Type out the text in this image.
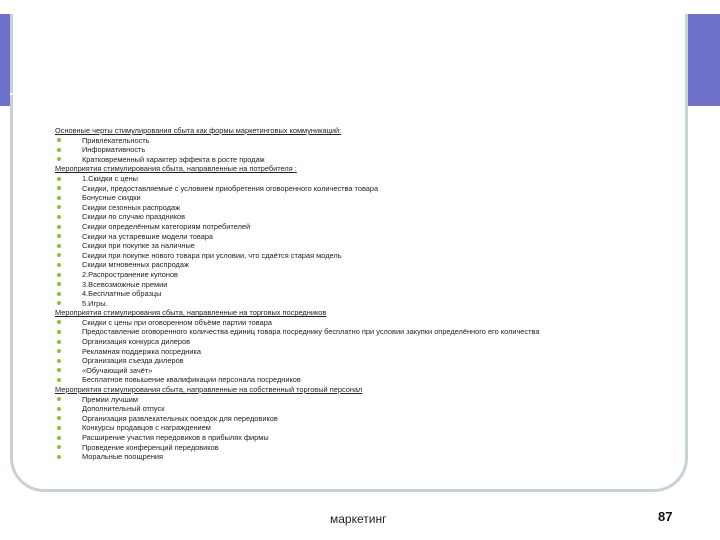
Стимулирование сбыта
Основные черты стимулирования сбыта как формы маркетинговых коммуникаций:
Привлекательность
Информативность
Кратковременный характер эффекта в росте продаж
Мероприятия стимулирования сбыта, направленные на потребителя :
1.Скидки с цены
Скидки, предоставляемые с условием приобретения оговоренного количества товара
Бонусные скидки
Скидки сезонных распродаж
Скидки по случаю праздников
Скидки определённым категориям потребителей
Скидки на устаревшие модели товара
Скидки при покупке за наличные
Скидки при покупке нового товара при условии, что сдаётся старая модель
Скидки мгновенных распродаж
2.Распространение купонов
3.Всевозможные премии
4.Бесплатные образцы
5.Игры.
Мероприятия стимулирования сбыта, направленные на торговых посредников
Скидки с цены при оговоренном объёме партии товара
Предоставление оговоренного количества единиц товара посреднику бесплатно при условии закупки определённого его количества
Организация конкурса дилеров
Рекламная поддержка посредника
Организация съезда дилеров
«Обучающий зачёт»
Бесплатное повышение квалификации персонала посредников
Мероприятия стимулирования сбыта, направленные на собственный торговый персонал
Премии лучшим
Дополнительный отпуск
Организация развлекательных поездок для передовиков
Конкурсы продавцов с награждением
Расширение участия передовиков в прибылях фирмы
Проведение конференций передовиков
Моральные поощрения
маркетинг	87
